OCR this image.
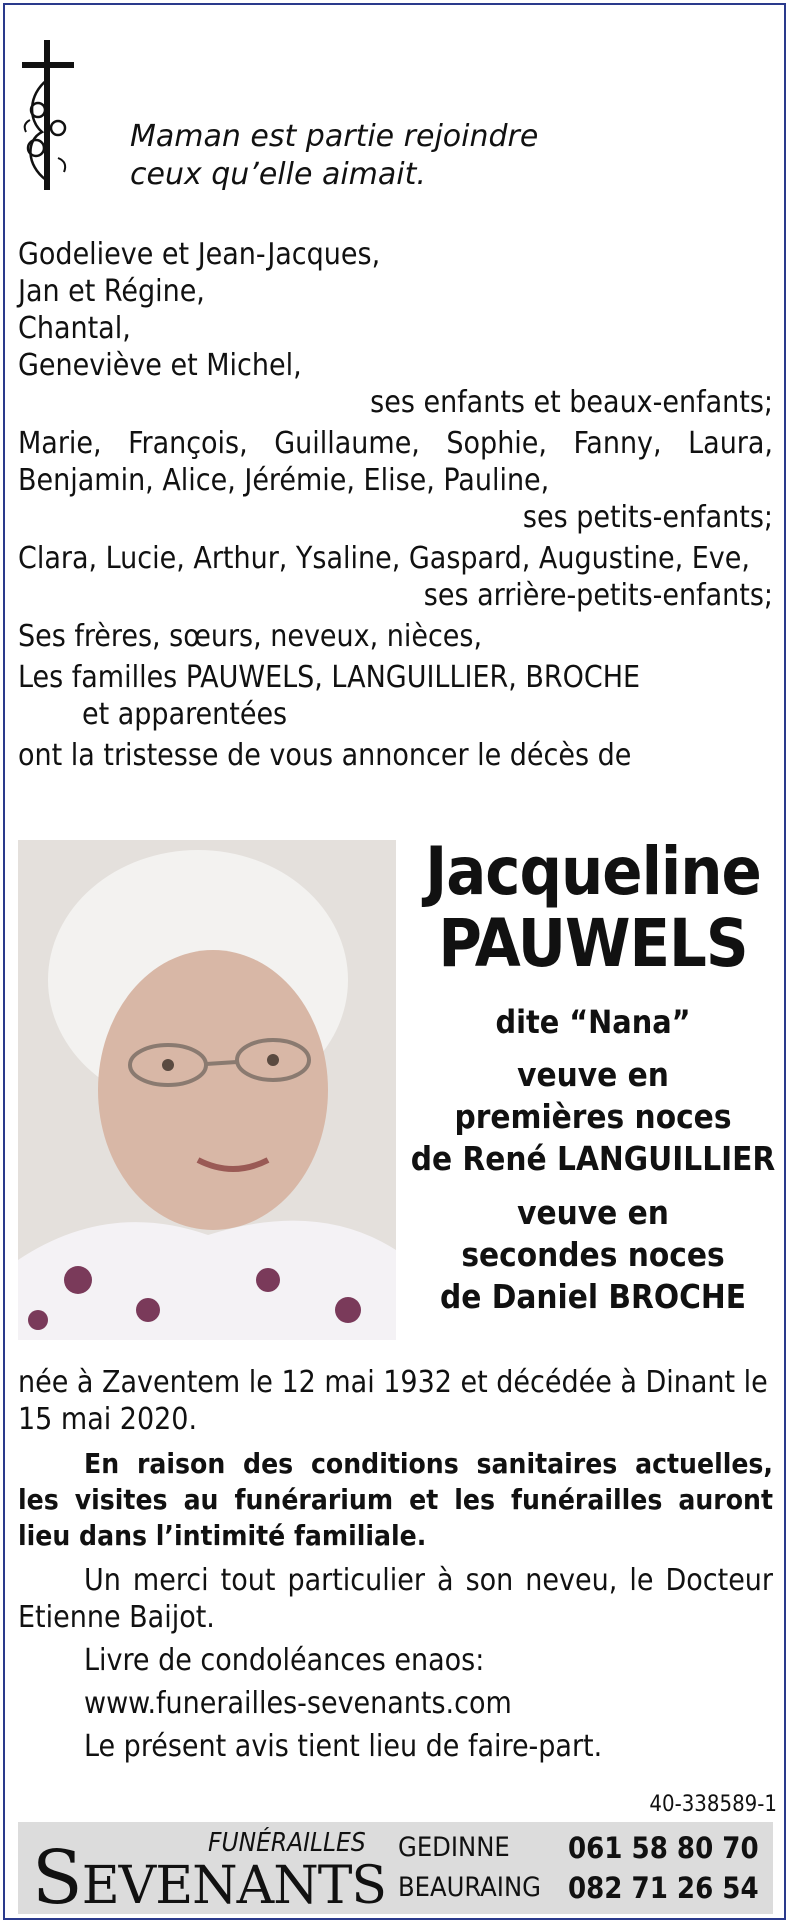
Maman est partie rejoindre
ceux qu’elle aimait.
Godelieve et Jean-Jacques,
Jan et Régine,
Chantal,
Geneviève et Michel,
ses enfants et beaux-enfants;
Marie, François, Guillaume, Sophie, Fanny, Laura,
Benjamin, Alice, Jérémie, Elise, Pauline,
ses petits-enfants;
Clara, Lucie, Arthur, Ysaline, Gaspard, Augustine, Eve,
ses arrière-petits-enfants;
Ses frères, sœurs, neveux, nièces,
Les familles PAUWELS, LANGUILLIER, BROCHE
et apparentées
ont la tristesse de vous annoncer le décès de
Jacqueline
PAUWELS
dite “Nana”
veuve en
premières noces
de René LANGUILLIER
veuve en
secondes noces
de Daniel BROCHE

née à Zaventem le 12 mai 1932 et décédée à Dinant le 15 mai 2020.

En raison des conditions sanitaires actuelles, les visites au funérarium et les funérailles auront lieu dans l’intimité familiale.

Un merci tout particulier à son neveu, le Docteur Etienne Baijot.

Livre de condoléances enaos:

www.funerailles-sevenants.com

Le présent avis tient lieu de faire-part.

40-338589-1
FUNÉRAILLES
SEVENANTS
GEDINNE	061 58 80 70
BEAURAING 082 71 26 54
